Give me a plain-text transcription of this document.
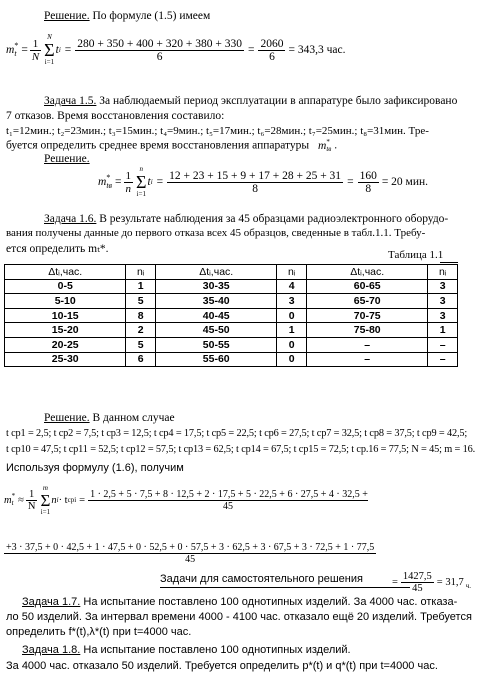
Решение. По формуле (1.5) имеем
m *
$t = \frac{1}{N}$
N
Σ
i=1
t $i = \frac{280 + 350 + 400 + 320 + 380 + 330}{6} = \frac{2060}{6} = 343,3$ час.
Задача 1.5. За наблюдаемый период эксплуатации в аппаратуре было зафиксировано
7 отказов. Время восстановления составило:
t₁=12мин.; t₂=23мин.; t₃=15мин.; t₄=9мин.; t₅=17мин.; t₆=28мин.; t₇=25мин.; t₈=31мин. Тре-
буется определить среднее время восстановления аппаратуры m *
tв .
Решение.
m *
tв = $\frac{1}{n}$
n
Σ
i=1
t $i = \frac{12 + 23 + 15 + 9 + 17 + 28 + 25 + 31}{8} = \frac{160}{8} = 20$ мин.
Задача 1.6. В результате наблюдения за 45 образцами радиоэлектронного оборудо-
вания получены данные до первого отказа всех 45 образцов, сведенные в табл.1.1. Требу-
ется определить mₜ*.	Таблица 1.1
Δtᵢ,час.	nᵢ	Δtᵢ,час.	nᵢ	Δtᵢ,час.	nᵢ
0-5	1	30-35	4	60-65	3
5-10	5	35-40	3	65-70	3
10-15	8	40-45	0	70-75	3
15-20	2	45-50	1	75-80	1
20-25	5	50-55	0	–	–
25-30	6	55-60	0	–	–
Решение. В данном случае
t ср1 = 2,5; t ср2 = 7,5; t ср3 = 12,5; t ср4 = 17,5; t ср5 = 22,5; t ср6 = 27,5; t ср7 = 32,5; t ср8 = 37,5; t ср9 = 42,5;
t ср10 = 47,5; t ср11 = 52,5; t ср12 = 57,5; t ср13 = 62,5; t ср14 = 67,5; t ср15 = 72,5; t ср.16 = 77,5; N = 45; m = 16.
Используя формулу (1.6), получим
m *
$t \approx \frac{1}{N}$
m
Σ
i=1
n i · t срi =
1 · 2,5 + 5 · 7,5 + 8 · 12,5 + 2 · 17,5 + 5 · 22,5 + 6 · 27,5 + 4 · 32,5 +
45
+3 · 37,5 + 0 · 42,5 + 1 · 47,5 + 0 · 52,5 + 0 · 57,5 + 3 · 62,5 + 3 · 67,5 + 3 · 72,5 + 1 · 77,5
45
= $\frac{1427,5}{45} = 31,7$ ч.
Задачи для самостоятельного решения
Задача 1.7. На испытание поставлено 100 однотипных изделий. За 4000 час. отказа-
ло 50 изделий. За интервал времени 4000 - 4100 час. отказало ещё 20 изделий. Требуется
определить f*(t),λ*(t) при t=4000 час.
Задача 1.8. На испытание поставлено 100 однотипных изделий.
За 4000 час. отказало 50 изделий. Требуется определить p*(t) и q*(t) при t=4000 час.
